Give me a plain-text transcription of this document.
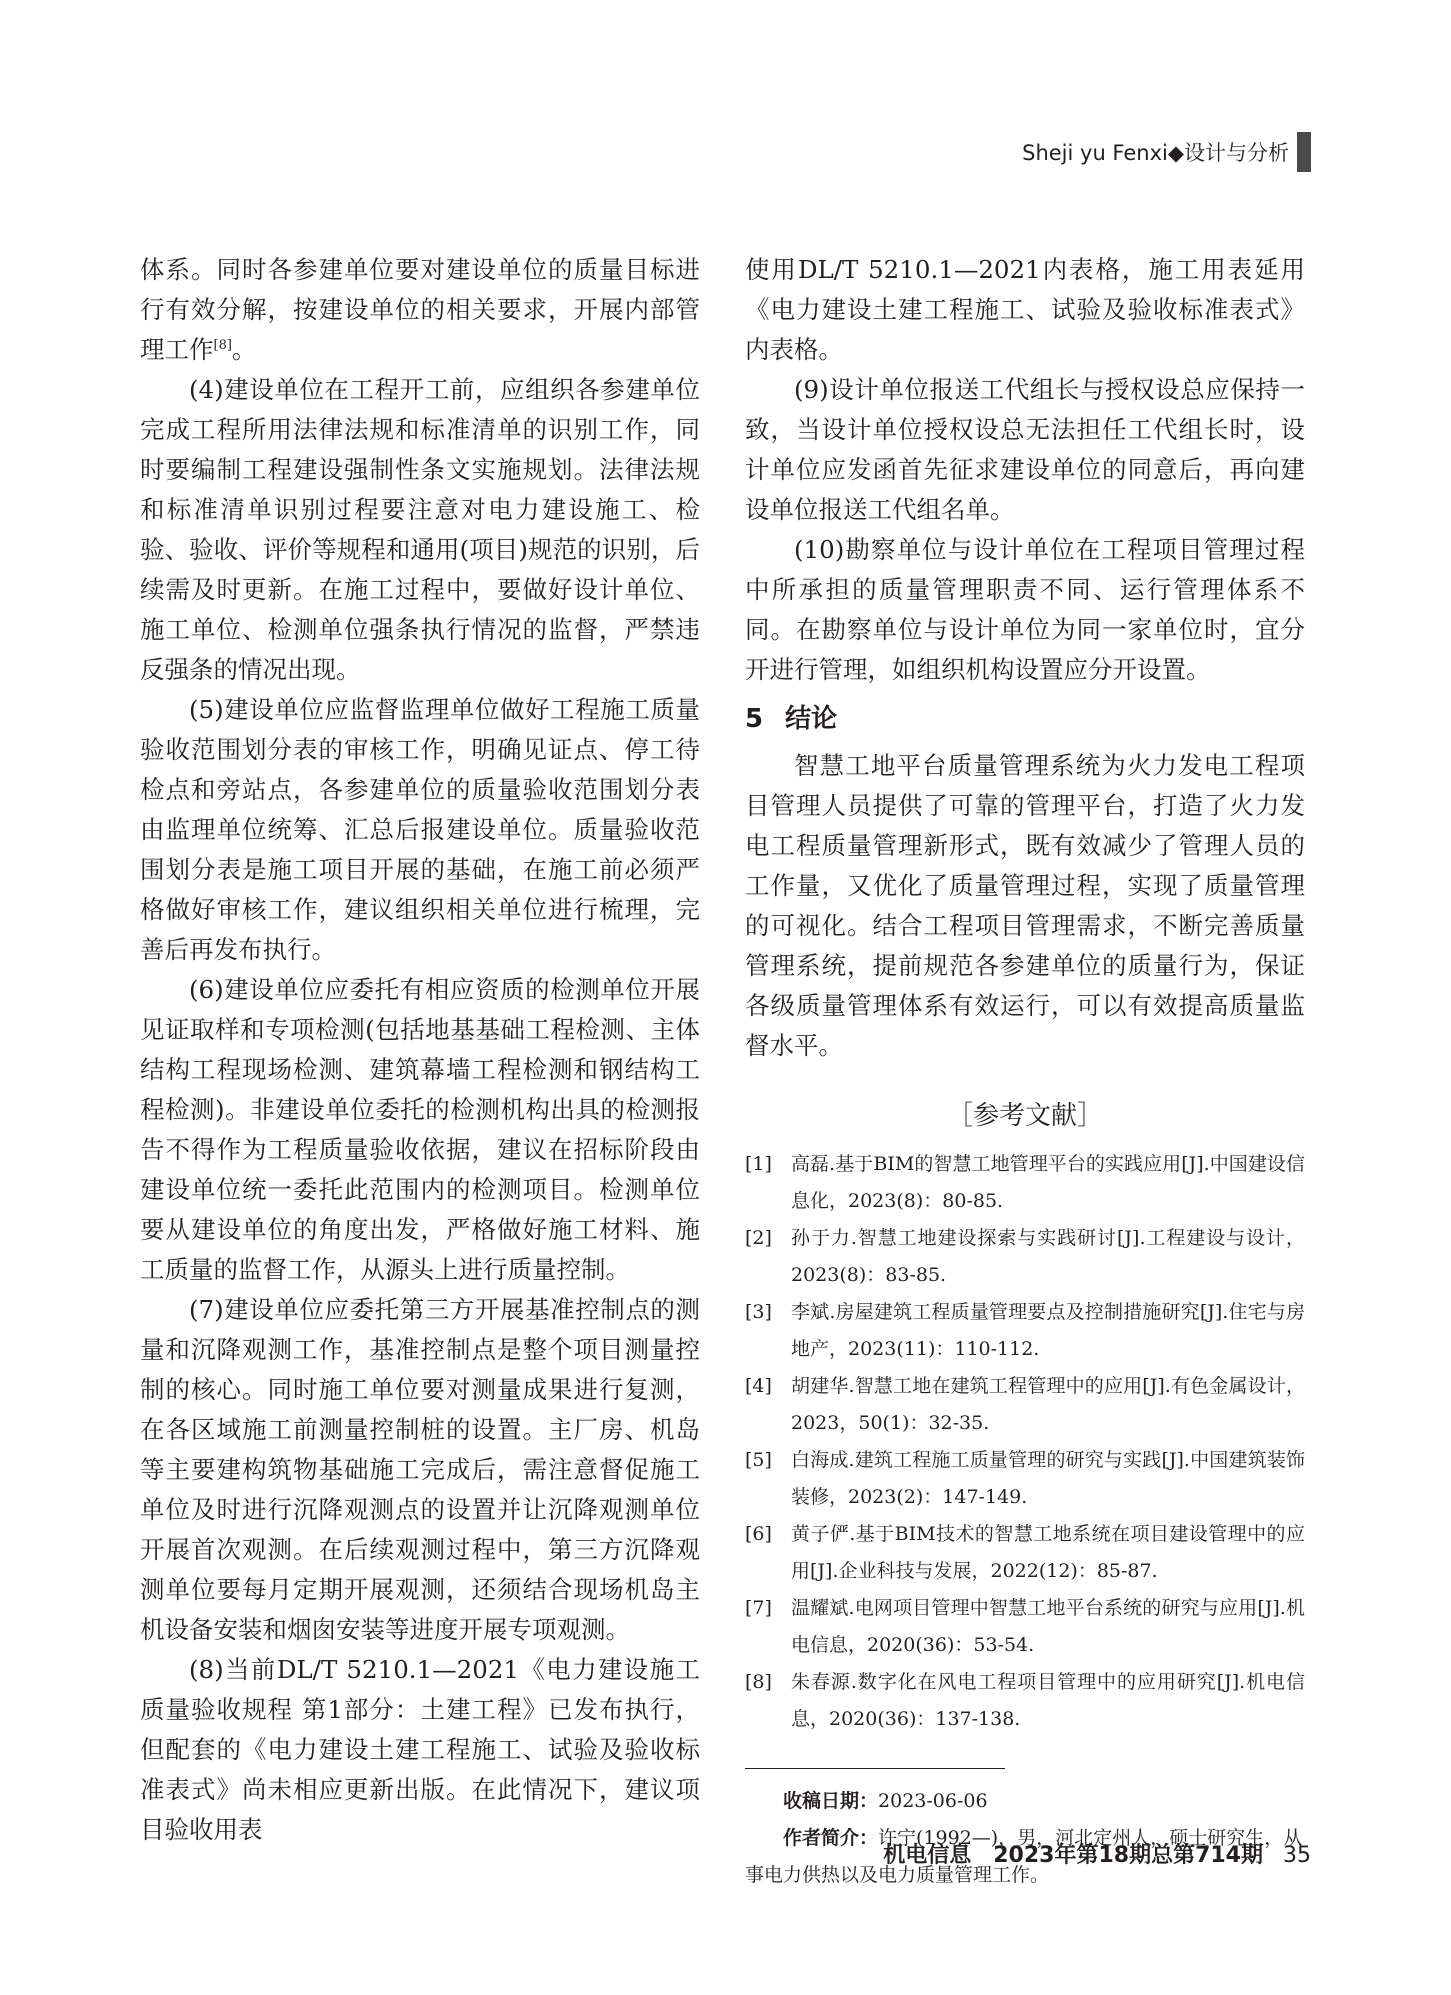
Sheji yu Fenxi◆设计与分析

体系。同时各参建单位要对建设单位的质量目标进行有效分解，按建设单位的相关要求，开展内部管理工作[8]。

(4)建设单位在工程开工前，应组织各参建单位完成工程所用法律法规和标准清单的识别工作，同时要编制工程建设强制性条文实施规划。法律法规和标准清单识别过程要注意对电力建设施工、检验、验收、评价等规程和通用(项目)规范的识别，后续需及时更新。在施工过程中，要做好设计单位、施工单位、检测单位强条执行情况的监督，严禁违反强条的情况出现。

(5)建设单位应监督监理单位做好工程施工质量验收范围划分表的审核工作，明确见证点、停工待检点和旁站点，各参建单位的质量验收范围划分表由监理单位统筹、汇总后报建设单位。质量验收范围划分表是施工项目开展的基础，在施工前必须严格做好审核工作，建议组织相关单位进行梳理，完善后再发布执行。

(6)建设单位应委托有相应资质的检测单位开展见证取样和专项检测(包括地基基础工程检测、主体结构工程现场检测、建筑幕墙工程检测和钢结构工程检测)。非建设单位委托的检测机构出具的检测报告不得作为工程质量验收依据，建议在招标阶段由建设单位统一委托此范围内的检测项目。检测单位要从建设单位的角度出发，严格做好施工材料、施工质量的监督工作，从源头上进行质量控制。

(7)建设单位应委托第三方开展基准控制点的测量和沉降观测工作，基准控制点是整个项目测量控制的核心。同时施工单位要对测量成果进行复测，在各区域施工前测量控制桩的设置。主厂房、机岛等主要建构筑物基础施工完成后，需注意督促施工单位及时进行沉降观测点的设置并让沉降观测单位开展首次观测。在后续观测过程中，第三方沉降观测单位要每月定期开展观测，还须结合现场机岛主机设备安装和烟囱安装等进度开展专项观测。

(8)当前DL/T 5210.1—2021《电力建设施工质量验收规程 第1部分：土建工程》已发布执行，但配套的《电力建设土建工程施工、试验及验收标准表式》尚未相应更新出版。在此情况下，建议项目验收用表

使用DL/T 5210.1—2021内表格，施工用表延用《电力建设土建工程施工、试验及验收标准表式》内表格。

(9)设计单位报送工代组长与授权设总应保持一致，当设计单位授权设总无法担任工代组长时，设计单位应发函首先征求建设单位的同意后，再向建设单位报送工代组名单。

(10)勘察单位与设计单位在工程项目管理过程中所承担的质量管理职责不同、运行管理体系不同。在勘察单位与设计单位为同一家单位时，宜分开进行管理，如组织机构设置应分开设置。

5 结论

智慧工地平台质量管理系统为火力发电工程项目管理人员提供了可靠的管理平台，打造了火力发电工程质量管理新形式，既有效减少了管理人员的工作量，又优化了质量管理过程，实现了质量管理的可视化。结合工程项目管理需求，不断完善质量管理系统，提前规范各参建单位的质量行为，保证各级质量管理体系有效运行，可以有效提高质量监督水平。

［参考文献］
[1]	高磊.基于BIM的智慧工地管理平台的实践应用[J].中国建设信息化，2023(8)：80-85.
[2]	孙于力.智慧工地建设探索与实践研讨[J].工程建设与设计，2023(8)：83-85.
[3]	李斌.房屋建筑工程质量管理要点及控制措施研究[J].住宅与房地产，2023(11)：110-112.
[4]	胡建华.智慧工地在建筑工程管理中的应用[J].有色金属设计，2023，50(1)：32-35.
[5]	白海成.建筑工程施工质量管理的研究与实践[J].中国建筑装饰装修，2023(2)：147-149.
[6]	黄子俨.基于BIM技术的智慧工地系统在项目建设管理中的应用[J].企业科技与发展，2022(12)：85-87.
[7]	温耀斌.电网项目管理中智慧工地平台系统的研究与应用[J].机电信息，2020(36)：53-54.
[8]	朱春源.数字化在风电工程项目管理中的应用研究[J].机电信息，2020(36)：137-138.

收稿日期：2023-06-06

作者简介：许宁(1992—)，男，河北定州人，硕士研究生，从事电力供热以及电力质量管理工作。

机电信息　2023年第18期总第714期 35
